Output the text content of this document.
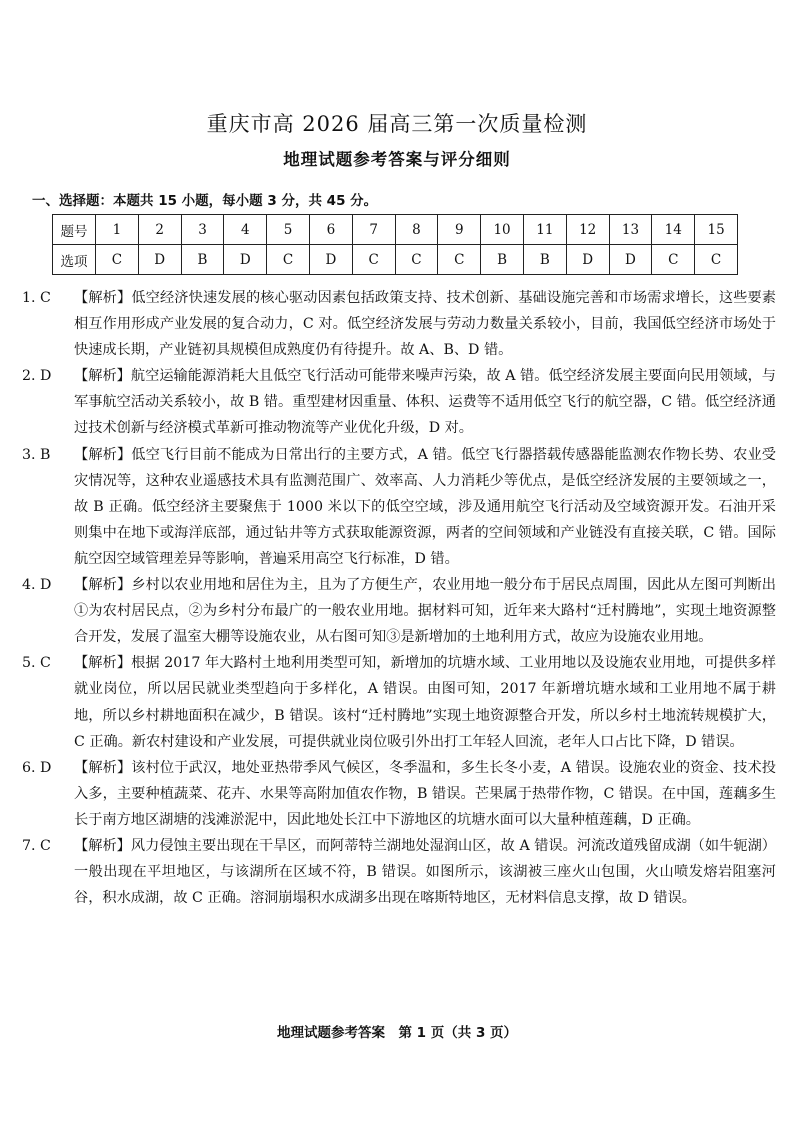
重庆市高 2026 届高三第一次质量检测
地理试题参考答案与评分细则
一、选择题：本题共 15 小题，每小题 3 分，共 45 分。
题号	1	2	3	4	5	6	7	8	9	10	11	12	13	14	15
选项	C	D	B	D	C	D	C	C	C	B	B	D	D	C	C
1. C	【解析】低空经济快速发展的核心驱动因素包括政策支持、技术创新、基础设施完善和市场需求增长，这些要素相互作用形成产业发展的复合动力，C 对。低空经济发展与劳动力数量关系较小，目前，我国低空经济市场处于快速成长期，产业链初具规模但成熟度仍有待提升。故 A、B、D 错。
2. D	【解析】航空运输能源消耗大且低空飞行活动可能带来噪声污染，故 A 错。低空经济发展主要面向民用领域，与军事航空活动关系较小，故 B 错。重型建材因重量、体积、运费等不适用低空飞行的航空器，C 错。低空经济通过技术创新与经济模式革新可推动物流等产业优化升级，D 对。
3. B	【解析】低空飞行目前不能成为日常出行的主要方式，A 错。低空飞行器搭载传感器能监测农作物长势、农业受灾情况等，这种农业遥感技术具有监测范围广、效率高、人力消耗少等优点，是低空经济发展的主要领域之一，故 B 正确。低空经济主要聚焦于 1000 米以下的低空空域，涉及通用航空飞行活动及空域资源开发。石油开采则集中在地下或海洋底部，通过钻井等方式获取能源资源，两者的空间领域和产业链没有直接关联，C 错。国际航空因空域管理差异等影响，普遍采用高空飞行标准，D 错。
4. D	【解析】乡村以农业用地和居住为主，且为了方便生产，农业用地一般分布于居民点周围，因此从左图可判断出①为农村居民点，②为乡村分布最广的一般农业用地。据材料可知，近年来大路村“迁村腾地”，实现土地资源整合开发，发展了温室大棚等设施农业，从右图可知③是新增加的土地利用方式，故应为设施农业用地。
5. C	【解析】根据 2017 年大路村土地利用类型可知，新增加的坑塘水域、工业用地以及设施农业用地，可提供多样就业岗位，所以居民就业类型趋向于多样化，A 错误。由图可知，2017 年新增坑塘水域和工业用地不属于耕地，所以乡村耕地面积在减少，B 错误。该村“迁村腾地”实现土地资源整合开发，所以乡村土地流转规模扩大，C 正确。新农村建设和产业发展，可提供就业岗位吸引外出打工年轻人回流，老年人口占比下降，D 错误。
6. D	【解析】该村位于武汉，地处亚热带季风气候区，冬季温和，多生长冬小麦，A 错误。设施农业的资金、技术投入多，主要种植蔬菜、花卉、水果等高附加值农作物，B 错误。芒果属于热带作物，C 错误。在中国，莲藕多生长于南方地区湖塘的浅滩淤泥中，因此地处长江中下游地区的坑塘水面可以大量种植莲藕，D 正确。
7. C	【解析】风力侵蚀主要出现在干旱区，而阿蒂特兰湖地处湿润山区，故 A 错误。河流改道残留成湖（如牛轭湖）一般出现在平坦地区，与该湖所在区域不符，B 错误。如图所示，该湖被三座火山包围，火山喷发熔岩阻塞河谷，积水成湖，故 C 正确。溶洞崩塌积水成湖多出现在喀斯特地区，无材料信息支撑，故 D 错误。
地理试题参考答案　第 1 页（共 3 页）
